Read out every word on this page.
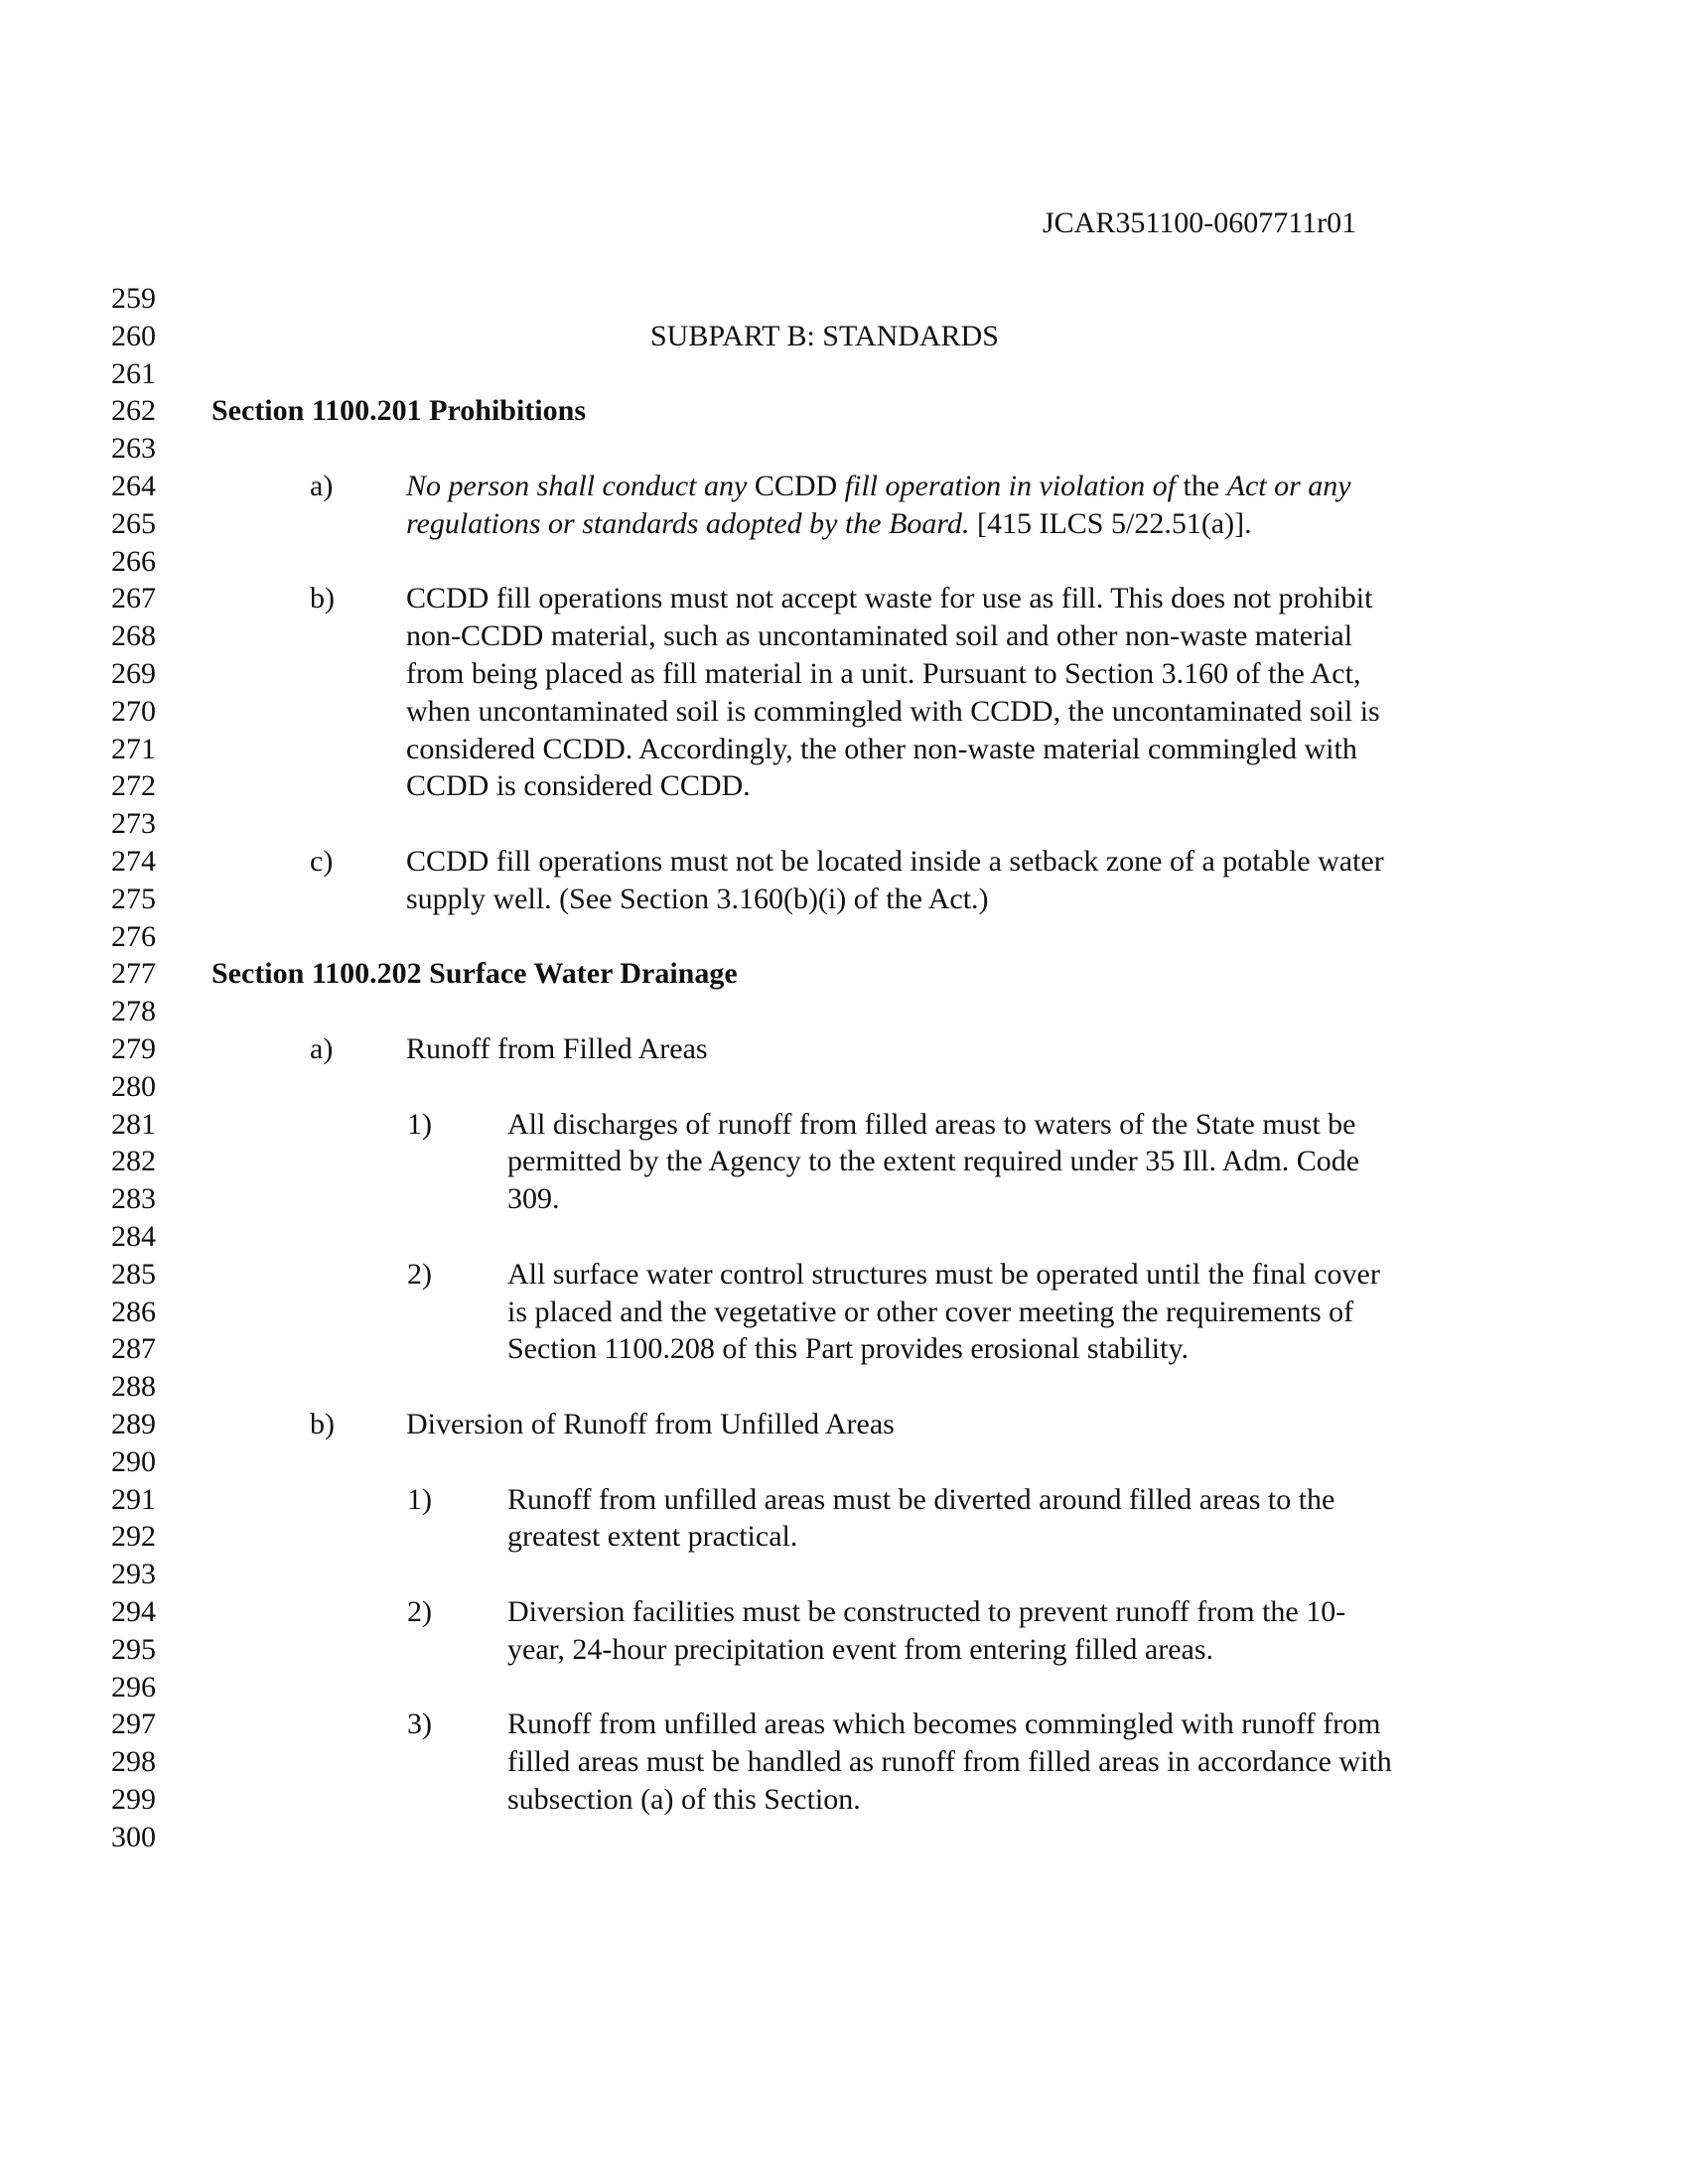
JCAR351100-0607711r01
259
260	SUBPART B: STANDARDS
261
262	Section 1100.201 Prohibitions
263
264	a) No person shall conduct any CCDD fill operation in violation of the Act or any
265	regulations or standards adopted by the Board. [415 ILCS 5/22.51(a)].
266
267	b) CCDD fill operations must not accept waste for use as fill. This does not prohibit
268	non-CCDD material, such as uncontaminated soil and other non-waste material
269	from being placed as fill material in a unit. Pursuant to Section 3.160 of the Act,
270	when uncontaminated soil is commingled with CCDD, the uncontaminated soil is
271	considered CCDD. Accordingly, the other non-waste material commingled with
272	CCDD is considered CCDD.
273
274	c) CCDD fill operations must not be located inside a setback zone of a potable water
275	supply well. (See Section 3.160(b)(i) of the Act.)
276
277	Section 1100.202 Surface Water Drainage
278
279	a) Runoff from Filled Areas
280
281	1)	All discharges of runoff from filled areas to waters of the State must be
282	permitted by the Agency to the extent required under 35 Ill. Adm. Code
283	309.
284
285	2)	All surface water control structures must be operated until the final cover
286	is placed and the vegetative or other cover meeting the requirements of
287	Section 1100.208 of this Part provides erosional stability.
288
289	b) Diversion of Runoff from Unfilled Areas
290
291	1)	Runoff from unfilled areas must be diverted around filled areas to the
292	greatest extent practical.
293
294	2)	Diversion facilities must be constructed to prevent runoff from the 10-
295	year, 24-hour precipitation event from entering filled areas.
296
297	3)	Runoff from unfilled areas which becomes commingled with runoff from
298	filled areas must be handled as runoff from filled areas in accordance with
299	subsection (a) of this Section.
300
